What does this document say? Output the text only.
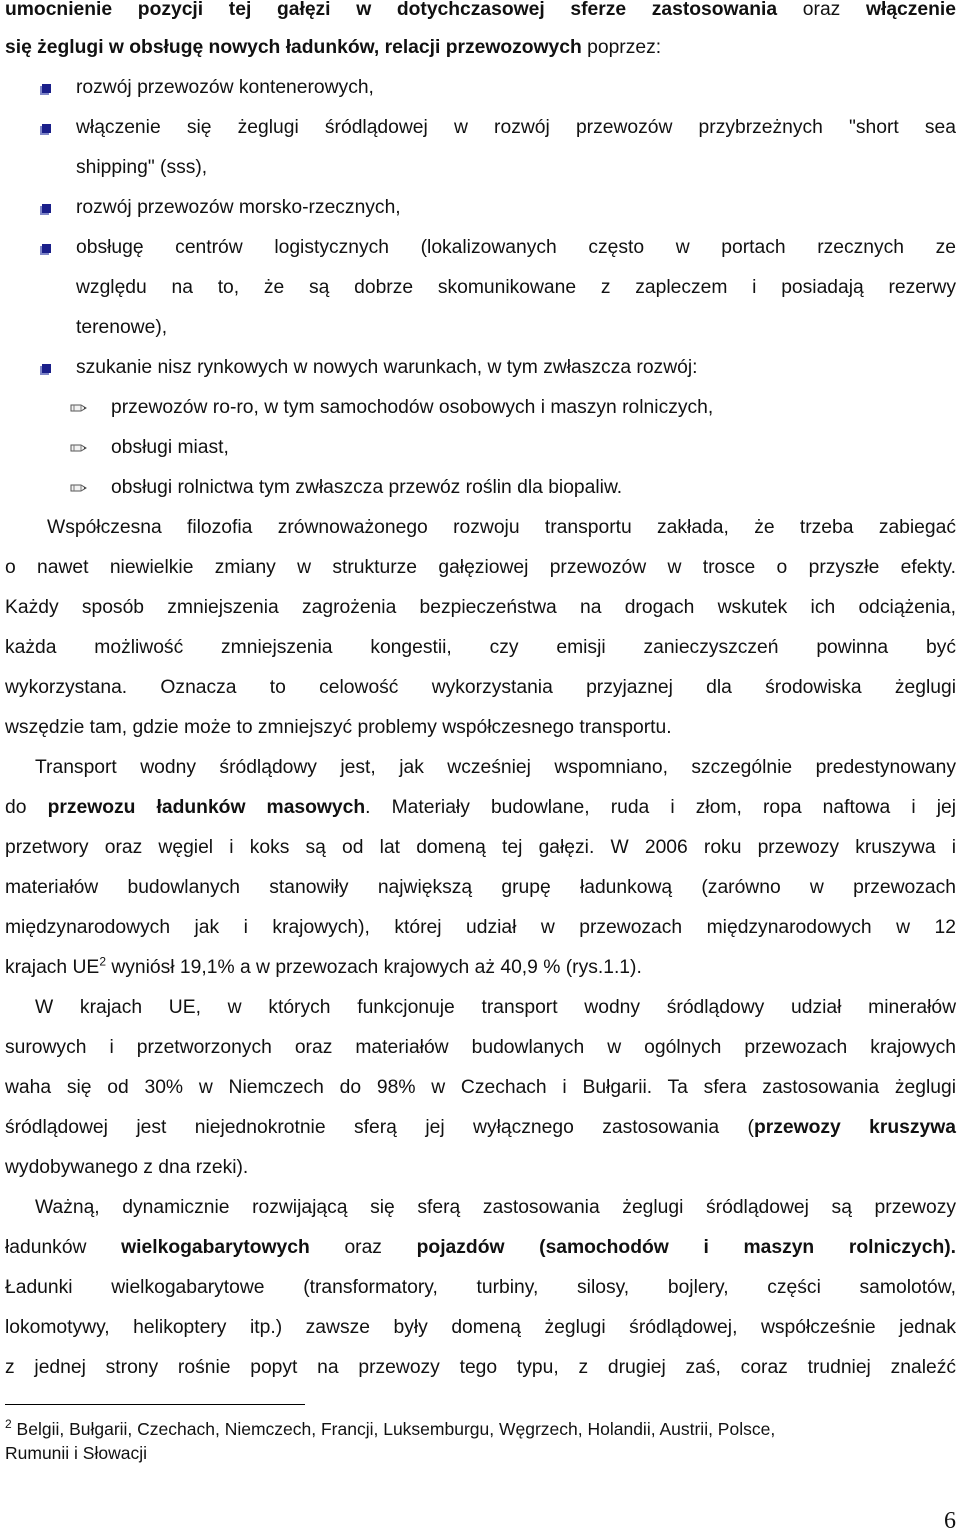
umocnienie pozycji tej gałęzi w dotychczasowej sferze zastosowania oraz włączenie
się żeglugi w obsługę nowych ładunków, relacji przewozowych poprzez:
rozwój przewozów kontenerowych,
włączenie się żeglugi śródlądowej w rozwój przewozów przybrzeżnych "short sea
shipping" (sss),
rozwój przewozów morsko-rzecznych,
obsługę centrów logistycznych (lokalizowanych często w portach rzecznych ze
względu na to, że są dobrze skomunikowane z zapleczem i posiadają rezerwy
terenowe),
szukanie nisz rynkowych w nowych warunkach, w tym zwłaszcza rozwój:
przewozów ro-ro, w tym samochodów osobowych i maszyn rolniczych,
obsługi miast,
obsługi rolnictwa tym zwłaszcza przewóz roślin dla biopaliw.
Współczesna filozofia zrównoważonego rozwoju transportu zakłada, że trzeba zabiegać
o nawet niewielkie zmiany w strukturze gałęziowej przewozów w trosce o przyszłe efekty.
Każdy sposób zmniejszenia zagrożenia bezpieczeństwa na drogach wskutek ich odciążenia,
każda możliwość zmniejszenia kongestii, czy emisji zanieczyszczeń powinna być
wykorzystana. Oznacza to celowość wykorzystania przyjaznej dla środowiska żeglugi
wszędzie tam, gdzie może to zmniejszyć problemy współczesnego transportu.
Transport wodny śródlądowy jest, jak wcześniej wspomniano, szczególnie predestynowany
do przewozu ładunków masowych. Materiały budowlane, ruda i złom, ropa naftowa i jej
przetwory oraz węgiel i koks są od lat domeną tej gałęzi. W 2006 roku przewozy kruszywa i
materiałów budowlanych stanowiły największą grupę ładunkową (zarówno w przewozach
międzynarodowych jak i krajowych), której udział w przewozach międzynarodowych w 12
krajach $UE^2$ wyniósł 19,1% a w przewozach krajowych aż 40,9 % (rys.1.1).
W krajach UE, w których funkcjonuje transport wodny śródlądowy udział minerałów
surowych i przetworzonych oraz materiałów budowlanych w ogólnych przewozach krajowych
waha się od 30% w Niemczech do 98% w Czechach i Bułgarii. Ta sfera zastosowania żeglugi
śródlądowej jest niejednokrotnie sferą jej wyłącznego zastosowania (przewozy kruszywa
wydobywanego z dna rzeki).
Ważną, dynamicznie rozwijającą się sferą zastosowania żeglugi śródlądowej są przewozy
ładunków wielkogabarytowych oraz pojazdów (samochodów i maszyn rolniczych).
Ładunki wielkogabarytowe (transformatory, turbiny, silosy, bojlery, części samolotów,
lokomotywy, helikoptery itp.) zawsze były domeną żeglugi śródlądowej, współcześnie jednak
z jednej strony rośnie popyt na przewozy tego typu, z drugiej zaś, coraz trudniej znaleźć
$^2$ Belgii, Bułgarii, Czechach, Niemczech, Francji, Luksemburgu, Węgrzech, Holandii, Austrii, Polsce,
Rumunii i Słowacji
6
